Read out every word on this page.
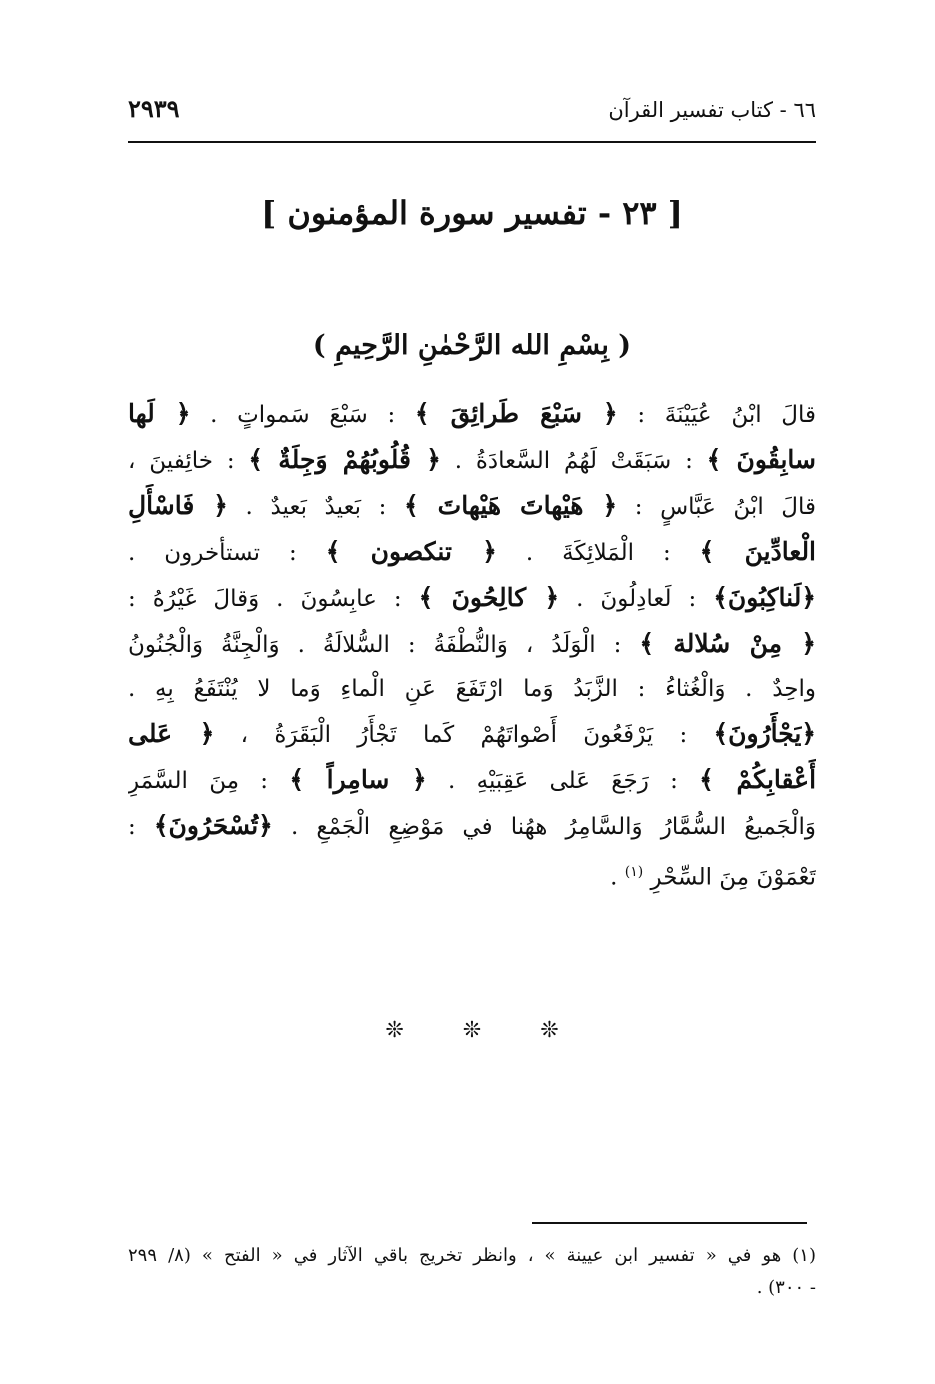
٦٦ - كتاب تفسير القرآن
٢٩٣٩
[ ٢٣ - تفسير سورة المؤمنون ]
( بِسْمِ الله الرَّحْمٰنِ الرَّحِيمِ )
قالَ ابْنُ عُيَيْنَةَ : ﴿ سَبْعَ طَرائِقَ ﴾ : سَبْعَ سَمواتٍ . ﴿ لَها
سابِقُونَ ﴾ : سَبَقَتْ لَهُمُ السَّعادَةُ . ﴿ قُلُوبُهُمْ وَجِلَةٌ ﴾ : خائِفينَ ،
قالَ ابْنُ عَبَّاسٍ : ﴿ هَيْهاتَ هَيْهاتَ ﴾ : بَعيدٌ بَعيدٌ . ﴿ فَاسْأَلِ
الْعادِّينَ ﴾ : الْمَلائِكَةَ . ﴿ تنكصون ﴾ : تستأخرون .
﴿لَناكِبُونَ﴾ : لَعادِلُونَ . ﴿ كالِحُونَ ﴾ : عابِسُونَ . وَقالَ غَيْرُهُ :
﴿ مِنْ سُلالة ﴾ : الْوَلَدُ ، وَالنُّطْفَةُ : السُّلالَةُ . وَالْجِنَّةُ وَالْجُنُونُ
واحِدٌ . وَالْغُثاءُ : الزَّبَدُ وَما ارْتَفَعَ عَنِ الْماءِ وَما لا يُنْتَفَعُ بِهِ .
﴿يَجْأَرُونَ﴾ : يَرْفَعُونَ أَصْواتَهُمْ كَما تَجْأَرُ الْبَقَرَةُ ، ﴿ عَلى
أَعْقابِكُمْ ﴾ : رَجَعَ عَلى عَقِبَيْهِ . ﴿ سامِراً ﴾ : مِنَ السَّمَرِ
وَالْجَميعُ السُّمَّارُ وَالسَّامِرُ ههُنا في مَوْضِعِ الْجَمْعِ . ﴿تُسْحَرُونَ﴾ :
تَعْمَوْنَ مِنَ السِّحْرِ $^{(١)}$ .
❊	❊	❊
(١) هو في « تفسير ابن عيينة » ، وانظر تخريج باقي الآثار في « الفتح » (٨/ ٢٩٩
- ٣٠٠) .
